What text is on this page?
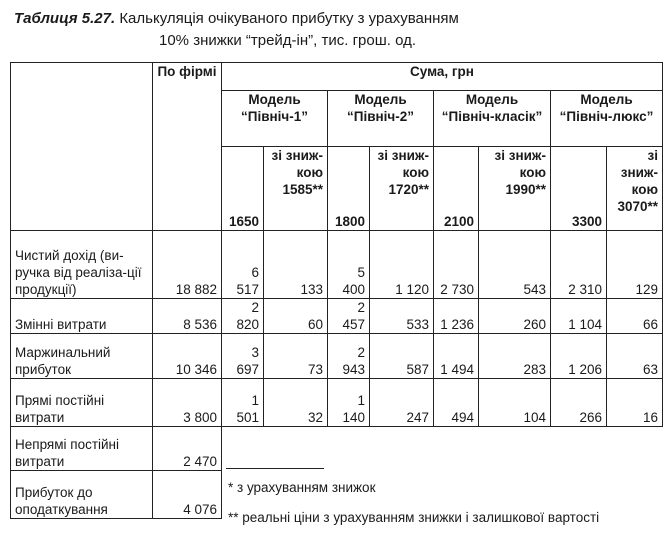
Таблиця 5.27. Калькуляція очікуваного прибутку з урахуванням
10% знижки “трейд-ін”, тис. грош. од.
	По фірмі	Сума, грн							
		Модель “Північ-1”		Модель “Північ-2”		Модель “Північ-класік”		Модель “Північ-люкс”	
		1650	зі зниж-кою 1585**	1800	зі зниж-кою 1720**	2100	зі зниж-кою 1990**	3300	зі зниж-кою 3070**
Чистий дохід (ви-ручка від реаліза-ції продукції)	18 882	6 517	133	5 400	1 120	2 730	543	2 310	129
Змінні витрати	8 536	2 820	60	2 457	533	1 236	260	1 104	66
Маржинальний прибуток	10 346	3 697	73	2 943	587	1 494	283	1 206	63
Прямі постійні витрати	3 800	1 501	32	1 140	247	494	104	266	16
Непрямі постійні витрати	2 470								
Прибуток до оподаткування	4 076								
* з урахуванням знижок
** реальні ціни з урахуванням знижки і залишкової вартості
